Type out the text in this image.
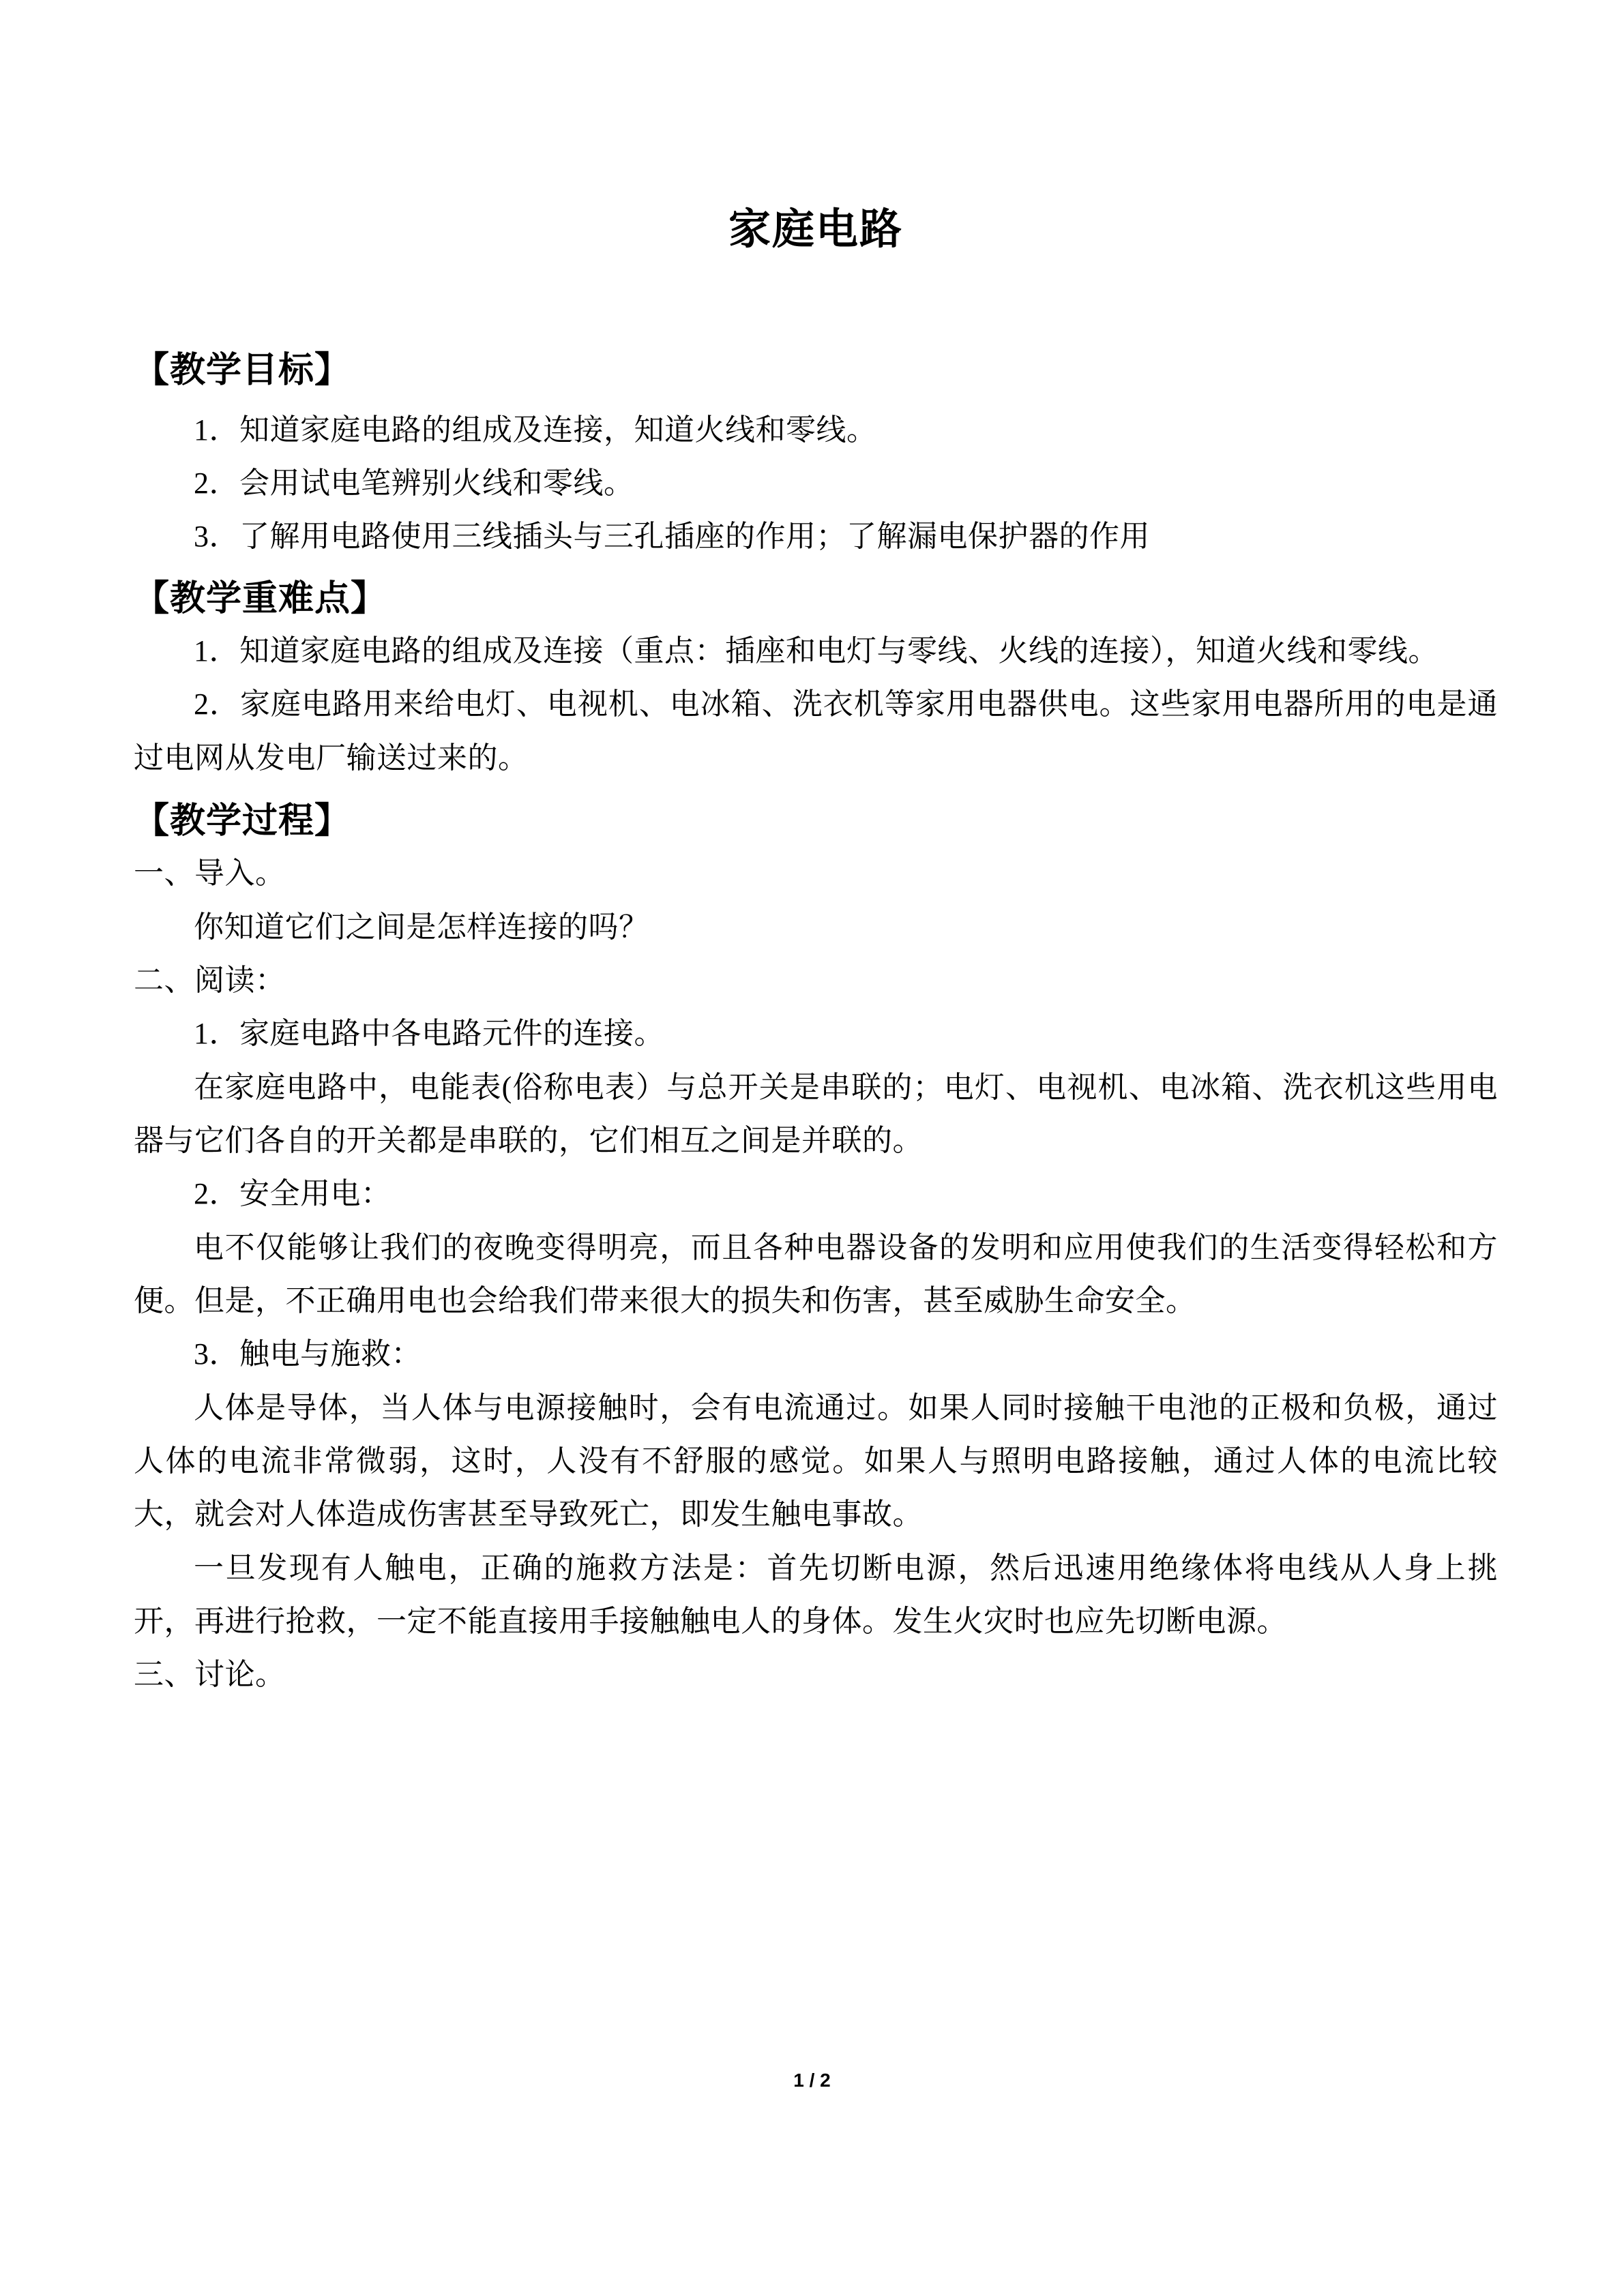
家庭电路
【教学目标】

1．知道家庭电路的组成及连接，知道火线和零线。

2．会用试电笔辨别火线和零线。

3．了解用电路使用三线插头与三孔插座的作用；了解漏电保护器的作用

【教学重难点】

1．知道家庭电路的组成及连接（重点：插座和电灯与零线、火线的连接），知道火线和零线。

2．家庭电路用来给电灯、电视机、电冰箱、洗衣机等家用电器供电。这些家用电器所用的电是通过电网从发电厂输送过来的。

【教学过程】

一、导入。

你知道它们之间是怎样连接的吗？

二、阅读：

1．家庭电路中各电路元件的连接。

在家庭电路中，电能表(俗称电表）与总开关是串联的；电灯、电视机、电冰箱、洗衣机这些用电器与它们各自的开关都是串联的，它们相互之间是并联的。

2．安全用电：

电不仅能够让我们的夜晚变得明亮，而且各种电器设备的发明和应用使我们的生活变得轻松和方便。但是，不正确用电也会给我们带来很大的损失和伤害，甚至威胁生命安全。

3．触电与施救：

人体是导体，当人体与电源接触时，会有电流通过。如果人同时接触干电池的正极和负极，通过人体的电流非常微弱，这时，人没有不舒服的感觉。如果人与照明电路接触，通过人体的电流比较大，就会对人体造成伤害甚至导致死亡，即发生触电事故。

一旦发现有人触电，正确的施救方法是：首先切断电源，然后迅速用绝缘体将电线从人身上挑开，再进行抢救，一定不能直接用手接触触电人的身体。发生火灾时也应先切断电源。

三、讨论。

1 / 2
